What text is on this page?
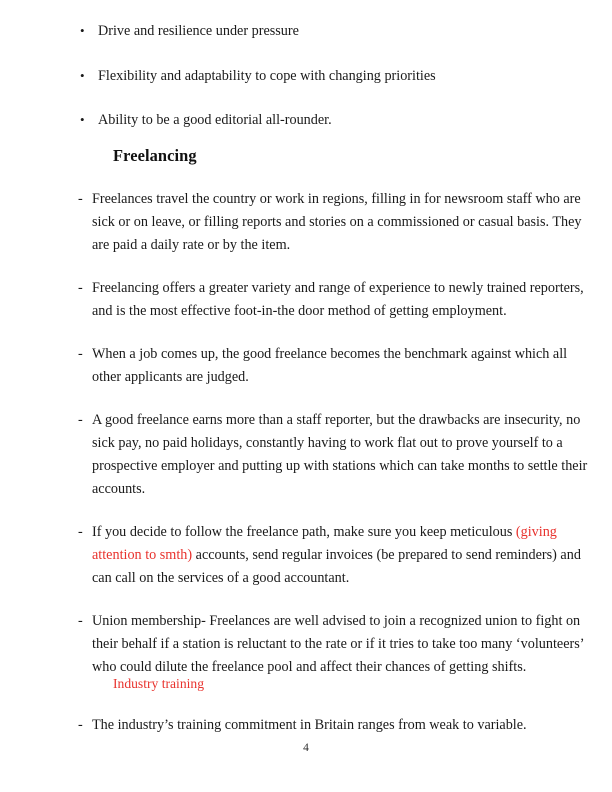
• Drive and resilience under pressure
• Flexibility and adaptability to cope with changing priorities
• Ability to be a good editorial all-rounder.
Freelancing
- Freelances travel the country or work in regions, filling in for newsroom staff who are sick or on leave, or filling reports and stories on a commissioned or casual basis. They are paid a daily rate or by the item.
- Freelancing offers a greater variety and range of experience to newly trained reporters, and is the most effective foot-in-the door method of getting employment.
- When a job comes up, the good freelance becomes the benchmark against which all other applicants are judged.
- A good freelance earns more than a staff reporter, but the drawbacks are insecurity, no sick pay, no paid holidays, constantly having to work flat out to prove yourself to a prospective employer and putting up with stations which can take months to settle their accounts.
- If you decide to follow the freelance path, make sure you keep meticulous (giving attention to smth) accounts, send regular invoices (be prepared to send reminders) and can call on the services of a good accountant.
- Union membership- Freelances are well advised to join a recognized union to fight on their behalf if a station is reluctant to the rate or if it tries to take too many ‘volunteers’ who could dilute the freelance pool and affect their chances of getting shifts.
Industry training
- The industry’s training commitment in Britain ranges from weak to variable.
4
